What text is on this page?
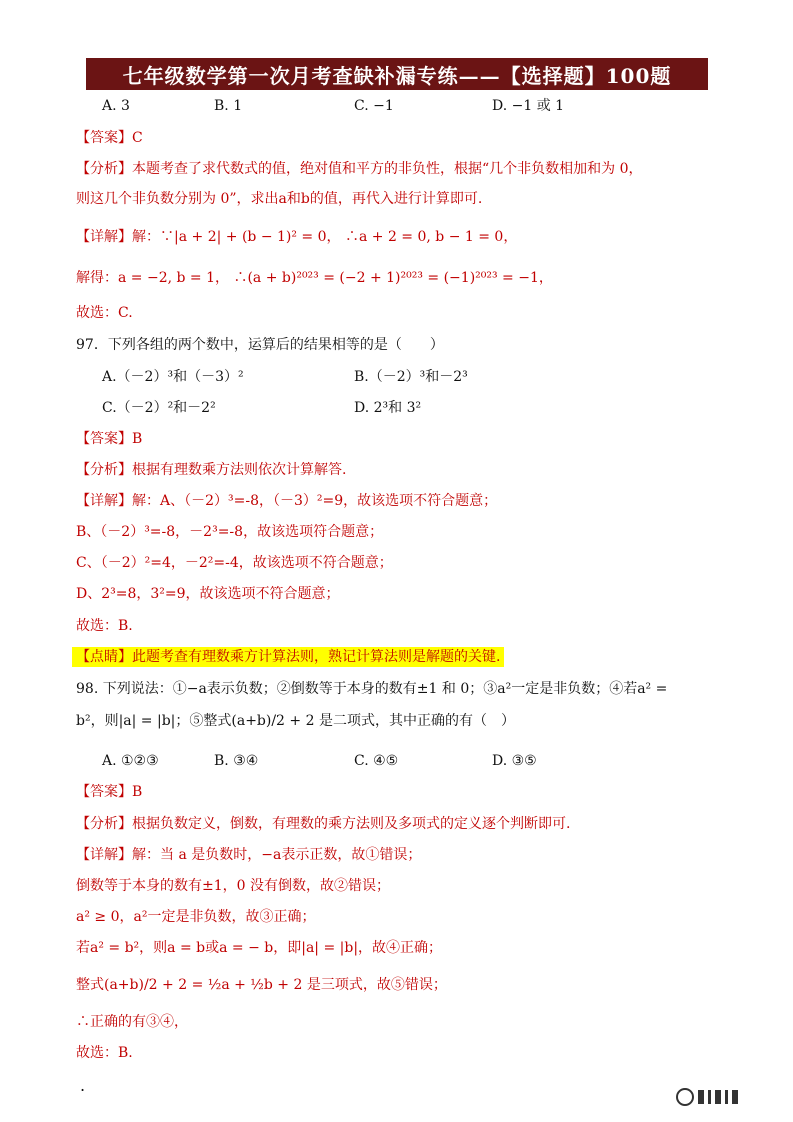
七年级数学第一次月考查缺补漏专练——【选择题】100题
A. 3	B. 1	C. −1	D. −1 或 1
【答案】C
【分析】本题考查了求代数式的值，绝对值和平方的非负性，根据“几个非负数相加和为 0，
则这几个非负数分别为 0”，求出a和b的值，再代入进行计算即可.
【详解】解：∵|a + 2| + (b − 1)² = 0， ∴a + 2 = 0, b − 1 = 0，
解得：a = −2, b = 1， ∴(a + b)²⁰²³ = (−2 + 1)²⁰²³ = (−1)²⁰²³ = −1，
故选：C.
97．下列各组的两个数中，运算后的结果相等的是（　　）
A.（－2）³和（－3）²	B.（－2）³和－2³
C.（－2）²和－2²	D. 2³和 3²
【答案】B
【分析】根据有理数乘方法则依次计算解答.
【详解】解：A、（－2）³=-8，（－3）²=9，故该选项不符合题意；
B、（－2）³=-8，－2³=-8，故该选项符合题意；
C、（－2）²=4，－2²=-4，故该选项不符合题意；
D、2³=8，3²=9，故该选项不符合题意；
故选：B.
【点睛】此题考查有理数乘方计算法则，熟记计算法则是解题的关键.
98. 下列说法：①−a表示负数；②倒数等于本身的数有±1 和 0；③a²一定是非负数；④若a² =
b²，则|a| = |b|；⑤整式(a+b)/2 + 2 是二项式，其中正确的有（　）
A. ①②③	B. ③④	C. ④⑤	D. ③⑤
【答案】B
【分析】根据负数定义，倒数，有理数的乘方法则及多项式的定义逐个判断即可.
【详解】解：当 a 是负数时，−a表示正数，故①错误；
倒数等于本身的数有±1，0 没有倒数，故②错误；
a² ≥ 0，a²一定是非负数，故③正确；
若a² = b²，则a = b或a = − b，即|a| = |b|，故④正确；
整式(a+b)/2 + 2 = ½a + ½b + 2 是三项式，故⑤错误；
∴正确的有③④，
故选：B.
.
